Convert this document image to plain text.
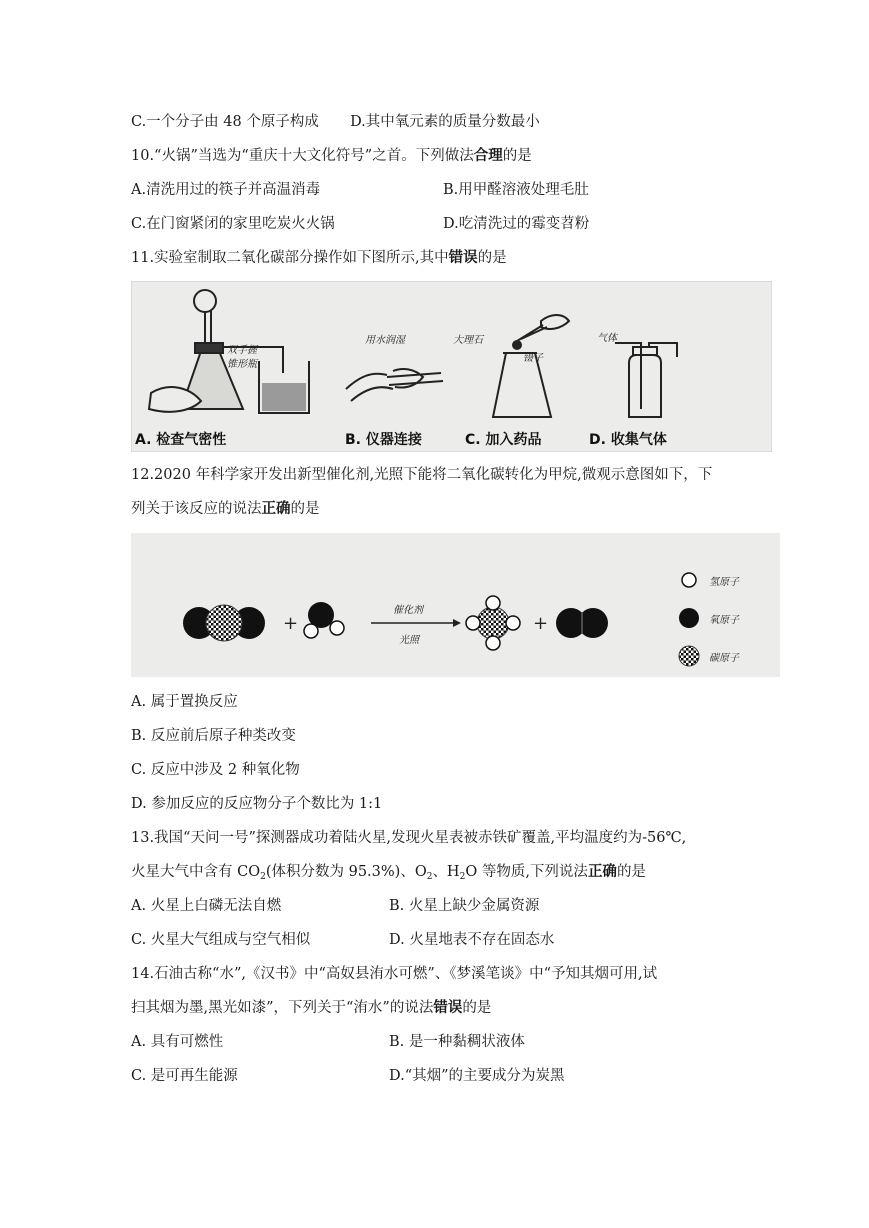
C.一个分子由 48 个原子构成 D.其中氧元素的质量分数最小
10.“火锅”当选为“重庆十大文化符号”之首。下列做法合理的是
A.清洗用过的筷子并高温消毒	B.用甲醛溶液处理毛肚
C.在门窗紧闭的家里吃炭火火锅	D.吃清洗过的霉变苕粉
11.实验室制取二氧化碳部分操作如下图所示,其中错误的是
双手握
锥形瓶
用水润湿	大理石
镊子
气体
A. 检查气密性	B. 仪器连接	C. 加入药品	D. 收集气体
12.2020 年科学家开发出新型催化剂,光照下能将二氧化碳转化为甲烷,微观示意图如下，下
列关于该反应的说法正确的是
+
催化剂
光照
+
氢原子
氧原子
碳原子
A. 属于置换反应
B. 反应前后原子种类改变
C. 反应中涉及 2 种氧化物
D. 参加反应的反应物分子个数比为 1:1
13.我国“天问一号”探测器成功着陆火星,发现火星表被赤铁矿覆盖,平均温度约为-56℃,
火星大气中含有 $CO_2$(体积分数为 95.3%)、$O_2$、$H_2O$ 等物质,下列说法正确的是
A. 火星上白磷无法自燃	B. 火星上缺少金属资源
C. 火星大气组成与空气相似	D. 火星地表不存在固态水
14.石油古称“水”,《汉书》中“高奴县洧水可燃”、《梦溪笔谈》中“予知其烟可用,试
扫其烟为墨,黑光如漆”，下列关于“洧水”的说法错误的是
A. 具有可燃性	B. 是一种黏稠状液体
C. 是可再生能源	D.“其烟”的主要成分为炭黑
